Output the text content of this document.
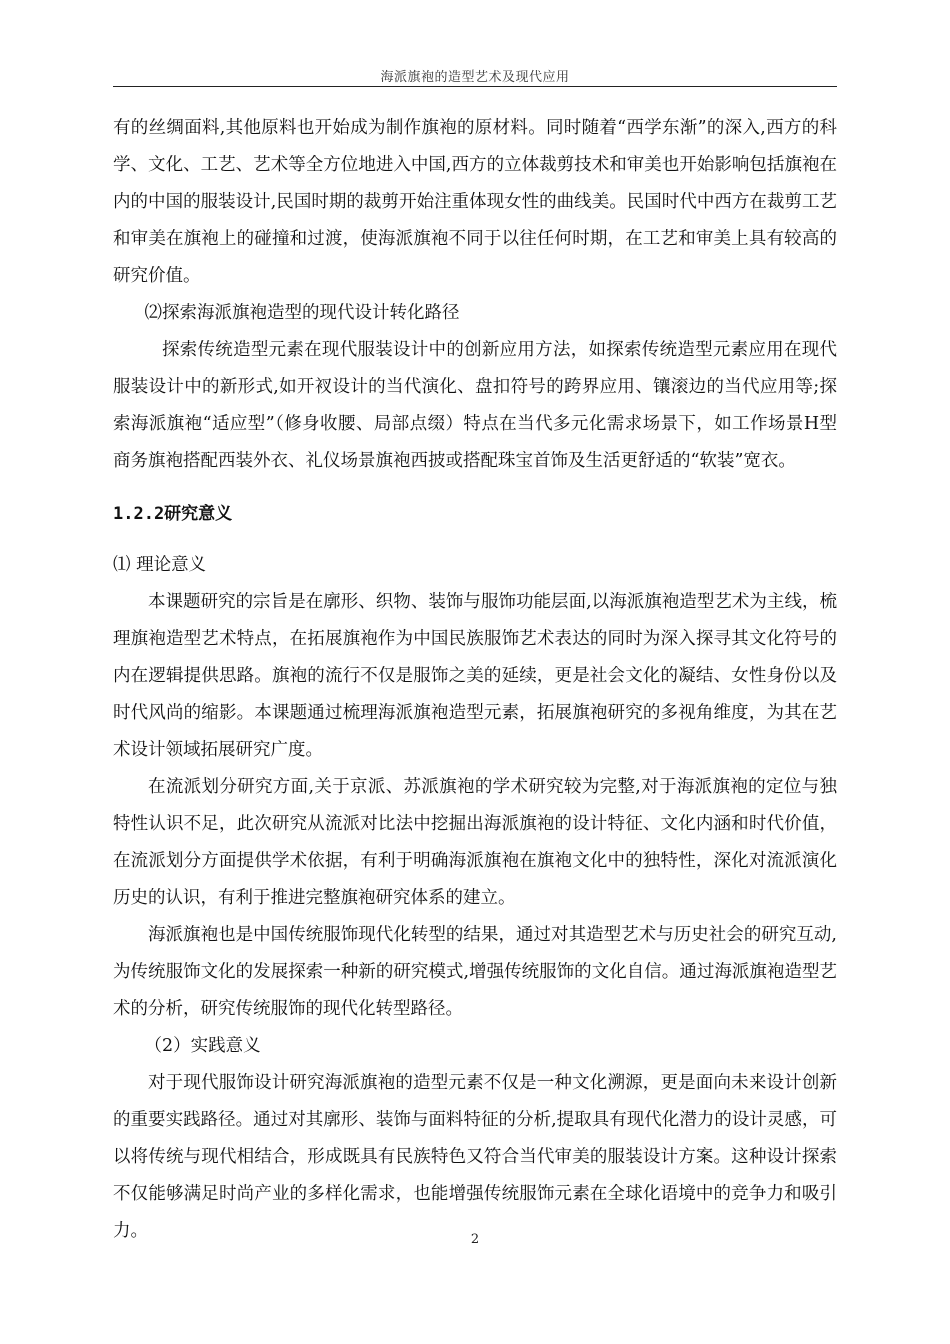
海派旗袍的造型艺术及现代应用

有的丝绸面料,其他原料也开始成为制作旗袍的原材料。同时随着“西学东渐”的深入,西方的科学、文化、工艺、艺术等全方位地进入中国,西方的立体裁剪技术和审美也开始影响包括旗袍在内的中国的服装设计,民国时期的裁剪开始注重体现女性的曲线美。民国时代中西方在裁剪工艺和审美在旗袍上的碰撞和过渡，使海派旗袍不同于以往任何时期，在工艺和审美上具有较高的研究价值。

⑵探索海派旗袍造型的现代设计转化路径

探索传统造型元素在现代服装设计中的创新应用方法，如探索传统造型元素应用在现代服装设计中的新形式,如开衩设计的当代演化、盘扣符号的跨界应用、镶滚边的当代应用等;探索海派旗袍“适应型”（修身收腰、局部点缀）特点在当代多元化需求场景下，如工作场景H型商务旗袍搭配西装外衣、礼仪场景旗袍西披或搭配珠宝首饰及生活更舒适的“软装”宽衣。

1.2.2研究意义

⑴ 理论意义

本课题研究的宗旨是在廓形、织物、装饰与服饰功能层面,以海派旗袍造型艺术为主线，梳理旗袍造型艺术特点，在拓展旗袍作为中国民族服饰艺术表达的同时为深入探寻其文化符号的内在逻辑提供思路。旗袍的流行不仅是服饰之美的延续，更是社会文化的凝结、女性身份以及时代风尚的缩影。本课题通过梳理海派旗袍造型元素，拓展旗袍研究的多视角维度，为其在艺术设计领域拓展研究广度。

在流派划分研究方面,关于京派、苏派旗袍的学术研究较为完整,对于海派旗袍的定位与独特性认识不足，此次研究从流派对比法中挖掘出海派旗袍的设计特征、文化内涵和时代价值，在流派划分方面提供学术依据，有利于明确海派旗袍在旗袍文化中的独特性，深化对流派演化历史的认识，有利于推进完整旗袍研究体系的建立。

海派旗袍也是中国传统服饰现代化转型的结果，通过对其造型艺术与历史社会的研究互动,为传统服饰文化的发展探索一种新的研究模式,增强传统服饰的文化自信。通过海派旗袍造型艺术的分析，研究传统服饰的现代化转型路径。

（2）实践意义

对于现代服饰设计研究海派旗袍的造型元素不仅是一种文化溯源，更是面向未来设计创新的重要实践路径。通过对其廓形、装饰与面料特征的分析,提取具有现代化潜力的设计灵感，可以将传统与现代相结合，形成既具有民族特色又符合当代审美的服装设计方案。这种设计探索不仅能够满足时尚产业的多样化需求，也能增强传统服饰元素在全球化语境中的竞争力和吸引力。	2
